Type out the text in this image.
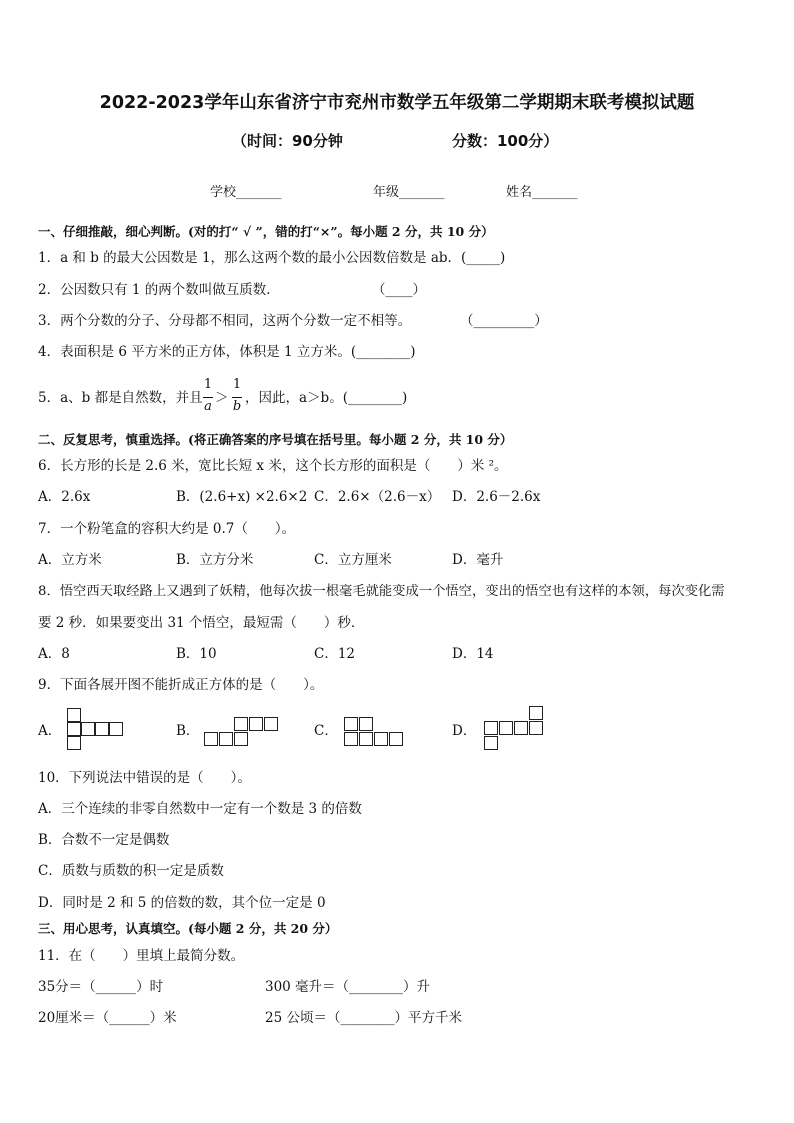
2022-2023学年山东省济宁市兖州市数学五年级第二学期期末联考模拟试题
（时间：90分钟	分数：100分）
学校_______	年级_______	姓名_______
一、仔细推敲，细心判断。(对的打“ √ ”，错的打“×”。每小题 2 分，共 10 分）
1．a 和 b 的最大公因数是 1，那么这两个数的最小公因数倍数是 ab．(_____)
2．公因数只有 1 的两个数叫做互质数．	（____）
3．两个分数的分子、分母都不相同，这两个分数一定不相等。	（_________）
4．表面积是 6 平方米的正方体，体积是 1 立方米。(________)
5．a、b 都是自然数，并且
1
a
＞
1
b
，因此，a＞b。(________)
二、反复思考，慎重选择。(将正确答案的序号填在括号里。每小题 2 分，共 10 分）
6．长方形的长是 2.6 米，宽比长短 x 米，这个长方形的面积是（　　）米 ²。
A．2.6x	B．(2.6+x) ×2.6×2 C．2.6×（2.6－x） D．2.6－2.6x
7．一个粉笔盒的容积大约是 0.7（　　）。
A．立方米	B．立方分米	C．立方厘米	D．毫升
8．悟空西天取经路上又遇到了妖精，他每次拔一根毫毛就能变成一个悟空，变出的悟空也有这样的本领，每次变化需
要 2 秒．如果要变出 31 个悟空，最短需（　　）秒．
A．8	B．10	C．12	D．14
9．下面各展开图不能折成正方体的是（　　）。
A．	B．	C．	D．
10．下列说法中错误的是（　　）。
A．三个连续的非零自然数中一定有一个数是 3 的倍数
B．合数不一定是偶数
C．质数与质数的积一定是质数
D．同时是 2 和 5 的倍数的数，其个位一定是 0
三、用心思考，认真填空。(每小题 2 分，共 20 分）
11．在（　　）里填上最简分数。
35分＝（______）时	300 毫升＝（________）升
20厘米＝（______）米	25 公顷＝（________）平方千米
